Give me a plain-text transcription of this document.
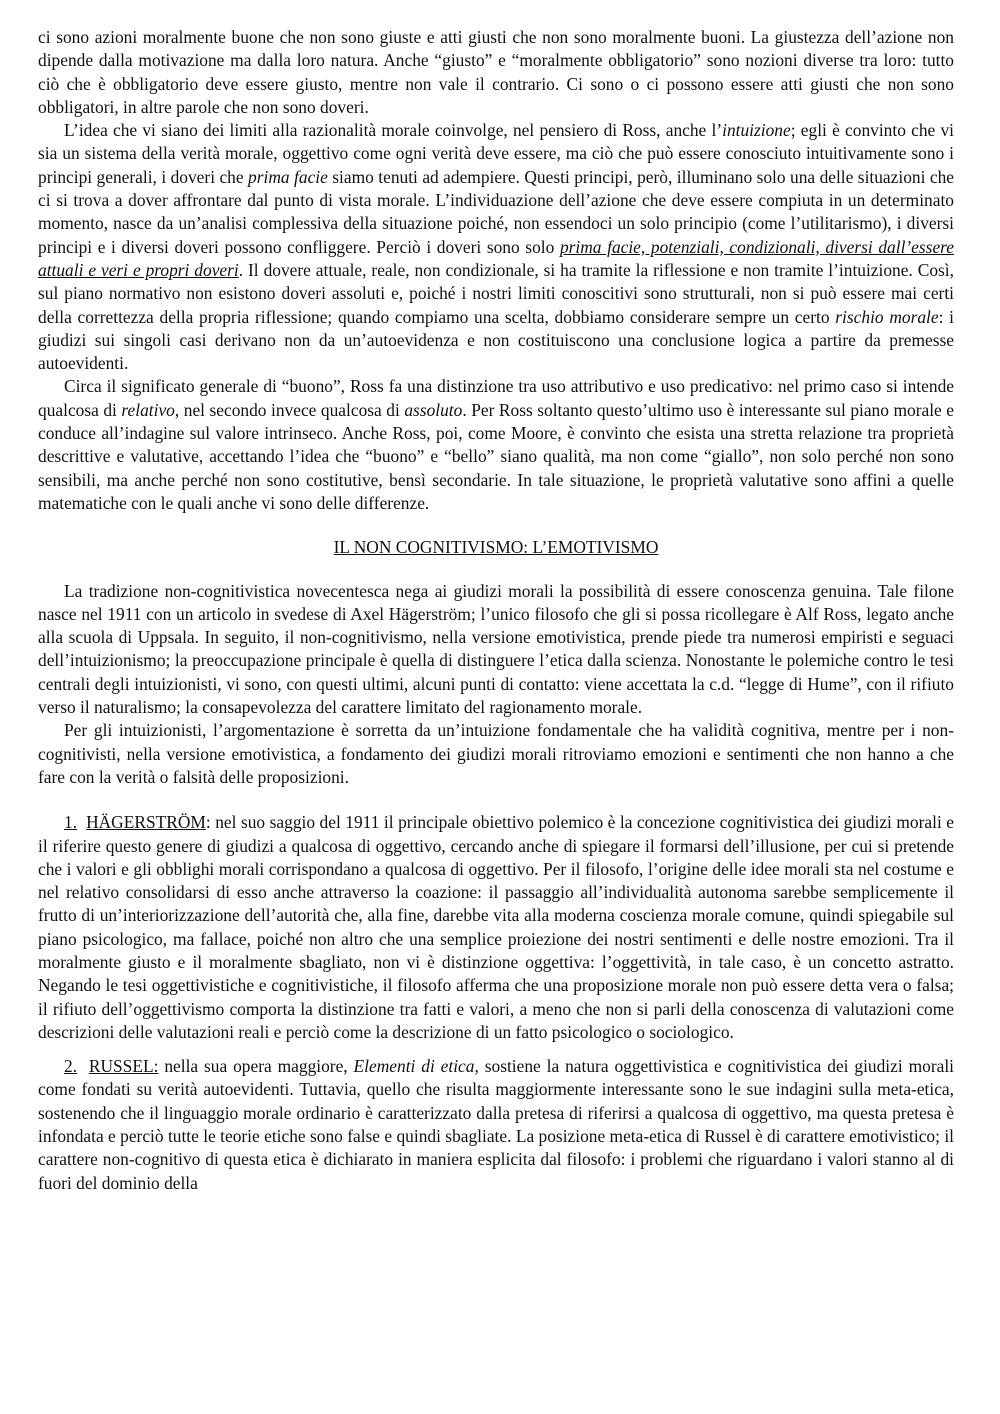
ci sono azioni moralmente buone che non sono giuste e atti giusti che non sono moralmente buoni. La giustezza dell’azione non dipende dalla motivazione ma dalla loro natura. Anche “giusto” e “moralmente obbligatorio” sono nozioni diverse tra loro: tutto ciò che è obbligatorio deve essere giusto, mentre non vale il contrario. Ci sono o ci possono essere atti giusti che non sono obbligatori, in altre parole che non sono doveri.

L’idea che vi siano dei limiti alla razionalità morale coinvolge, nel pensiero di Ross, anche l’intuizione; egli è convinto che vi sia un sistema della verità morale, oggettivo come ogni verità deve essere, ma ciò che può essere conosciuto intuitivamente sono i principi generali, i doveri che prima facie siamo tenuti ad adempiere. Questi principi, però, illuminano solo una delle situazioni che ci si trova a dover affrontare dal punto di vista morale. L’individuazione dell’azione che deve essere compiuta in un determinato momento, nasce da un’analisi complessiva della situazione poiché, non essendoci un solo principio (come l’utilitarismo), i diversi principi e i diversi doveri possono confliggere. Perciò i doveri sono solo prima facie, potenziali, condizionali, diversi dall’essere attuali e veri e propri doveri. Il dovere attuale, reale, non condizionale, si ha tramite la riflessione e non tramite l’intuizione. Così, sul piano normativo non esistono doveri assoluti e, poiché i nostri limiti conoscitivi sono strutturali, non si può essere mai certi della correttezza della propria riflessione; quando compiamo una scelta, dobbiamo considerare sempre un certo rischio morale: i giudizi sui singoli casi derivano non da un’autoevidenza e non costituiscono una conclusione logica a partire da premesse autoevidenti.

Circa il significato generale di “buono”, Ross fa una distinzione tra uso attributivo e uso predicativo: nel primo caso si intende qualcosa di relativo, nel secondo invece qualcosa di assoluto. Per Ross soltanto questo’ultimo uso è interessante sul piano morale e conduce all’indagine sul valore intrinseco. Anche Ross, poi, come Moore, è convinto che esista una stretta relazione tra proprietà descrittive e valutative, accettando l’idea che “buono” e “bello” siano qualità, ma non come “giallo”, non solo perché non sono sensibili, ma anche perché non sono costitutive, bensì secondarie. In tale situazione, le proprietà valutative sono affini a quelle matematiche con le quali anche vi sono delle differenze.

IL NON COGNITIVISMO: L’EMOTIVISMO

La tradizione non-cognitivistica novecentesca nega ai giudizi morali la possibilità di essere conoscenza genuina. Tale filone nasce nel 1911 con un articolo in svedese di Axel Hägerström; l’unico filosofo che gli si possa ricollegare è Alf Ross, legato anche alla scuola di Uppsala. In seguito, il non-cognitivismo, nella versione emotivistica, prende piede tra numerosi empiristi e seguaci dell’intuizionismo; la preoccupazione principale è quella di distinguere l’etica dalla scienza. Nonostante le polemiche contro le tesi centrali degli intuizionisti, vi sono, con questi ultimi, alcuni punti di contatto: viene accettata la c.d. “legge di Hume”, con il rifiuto verso il naturalismo; la consapevolezza del carattere limitato del ragionamento morale.

Per gli intuizionisti, l’argomentazione è sorretta da un’intuizione fondamentale che ha validità cognitiva, mentre per i non-cognitivisti, nella versione emotivistica, a fondamento dei giudizi morali ritroviamo emozioni e sentimenti che non hanno a che fare con la verità o falsità delle proposizioni.

1. HÄGERSTRÖM: nel suo saggio del 1911 il principale obiettivo polemico è la concezione cognitivistica dei giudizi morali e il riferire questo genere di giudizi a qualcosa di oggettivo, cercando anche di spiegare il formarsi dell’illusione, per cui si pretende che i valori e gli obblighi morali corrispondano a qualcosa di oggettivo. Per il filosofo, l’origine delle idee morali sta nel costume e nel relativo consolidarsi di esso anche attraverso la coazione: il passaggio all’individualità autonoma sarebbe semplicemente il frutto di un’interiorizzazione dell’autorità che, alla fine, darebbe vita alla moderna coscienza morale comune, quindi spiegabile sul piano psicologico, ma fallace, poiché non altro che una semplice proiezione dei nostri sentimenti e delle nostre emozioni. Tra il moralmente giusto e il moralmente sbagliato, non vi è distinzione oggettiva: l’oggettività, in tale caso, è un concetto astratto. Negando le tesi oggettivistiche e cognitivistiche, il filosofo afferma che una proposizione morale non può essere detta vera o falsa; il rifiuto dell’oggettivismo comporta la distinzione tra fatti e valori, a meno che non si parli della conoscenza di valutazioni come descrizioni delle valutazioni reali e perciò come la descrizione di un fatto psicologico o sociologico.

2. RUSSEL: nella sua opera maggiore, Elementi di etica, sostiene la natura oggettivistica e cognitivistica dei giudizi morali come fondati su verità autoevidenti. Tuttavia, quello che risulta maggiormente interessante sono le sue indagini sulla meta-etica, sostenendo che il linguaggio morale ordinario è caratterizzato dalla pretesa di riferirsi a qualcosa di oggettivo, ma questa pretesa è infondata e perciò tutte le teorie etiche sono false e quindi sbagliate. La posizione meta-etica di Russel è di carattere emotivistico; il carattere non-cognitivo di questa etica è dichiarato in maniera esplicita dal filosofo: i problemi che riguardano i valori stanno al di fuori del dominio della
